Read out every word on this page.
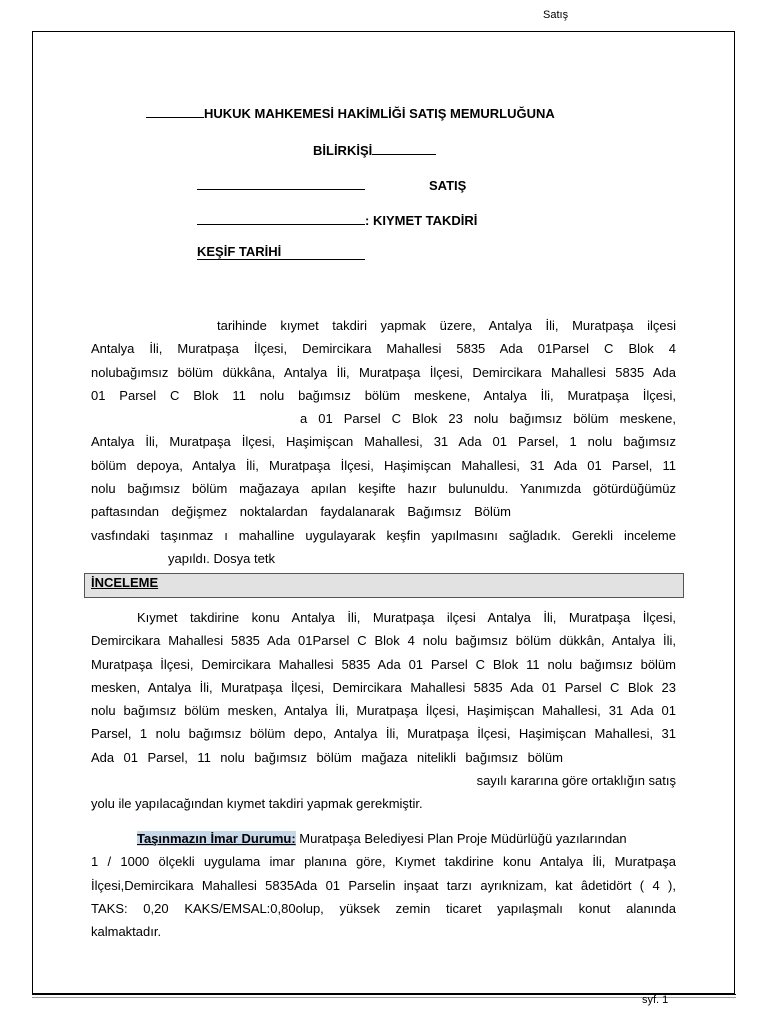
Satış
HUKUK MAHKEMESİ HAKİMLİĞİ SATIŞ MEMURLUĞUNA
BİLİRKİŞİ
SATIŞ
: KIYMET TAKDİRİ
KEŞİF TARİHİ
tarihinde kıymet takdiri yapmak üzere, Antalya İli, Muratpaşa ilçesi
Antalya İli, Muratpaşa İlçesi, Demircikara Mahallesi 5835 Ada 01Parsel C Blok 4
nolubağımsız bölüm dükkâna, Antalya İli, Muratpaşa İlçesi, Demircikara Mahallesi 5835 Ada
01 Parsel C Blok 11 nolu bağımsız bölüm meskene, Antalya İli, Muratpaşa İlçesi,
a 01 Parsel C Blok 23 nolu bağımsız bölüm meskene,
Antalya İli, Muratpaşa İlçesi, Haşimişcan Mahallesi, 31 Ada 01 Parsel, 1 nolu bağımsız
bölüm depoya, Antalya İli, Muratpaşa İlçesi, Haşimişcan Mahallesi, 31 Ada 01 Parsel, 11
nolu bağımsız bölüm mağazaya apılan keşifte hazır bulunuldu. Yanımızda götürdüğümüz
paftasından değişmez noktalardan faydalanarak Bağımsız Bölüm
vasfındaki taşınmaz ı mahalline uygulayarak keşfin yapılmasını sağladık. Gerekli inceleme
yapıldı. Dosya tetk
İNCELEME
Kıymet takdirine konu Antalya İli, Muratpaşa ilçesi Antalya İli, Muratpaşa İlçesi,
Demircikara Mahallesi 5835 Ada 01Parsel C Blok 4 nolu bağımsız bölüm dükkân, Antalya İli,
Muratpaşa İlçesi, Demircikara Mahallesi 5835 Ada 01 Parsel C Blok 11 nolu bağımsız bölüm
mesken, Antalya İli, Muratpaşa İlçesi, Demircikara Mahallesi 5835 Ada 01 Parsel C Blok 23
nolu bağımsız bölüm mesken, Antalya İli, Muratpaşa İlçesi, Haşimişcan Mahallesi, 31 Ada 01
Parsel, 1 nolu bağımsız bölüm depo, Antalya İli, Muratpaşa İlçesi, Haşimişcan Mahallesi, 31
Ada 01 Parsel, 11 nolu bağımsız bölüm mağaza nitelikli bağımsız bölüm
sayılı kararına göre ortaklığın satış
yolu ile yapılacağından kıymet takdiri yapmak gerekmiştir.
Taşınmazın İmar Durumu: Muratpaşa Belediyesi Plan Proje Müdürlüğü yazılarından
1 / 1000 ölçekli uygulama imar planına göre, Kıymet takdirine konu Antalya İli, Muratpaşa
İlçesi,Demircikara Mahallesi 5835Ada 01 Parselin inşaat tarzı ayrıknizam, kat âdetidört ( 4 ),
TAKS: 0,20 KAKS/EMSAL:0,80olup, yüksek zemin ticaret yapılaşmalı konut alanında
kalmaktadır.
syf. 1
